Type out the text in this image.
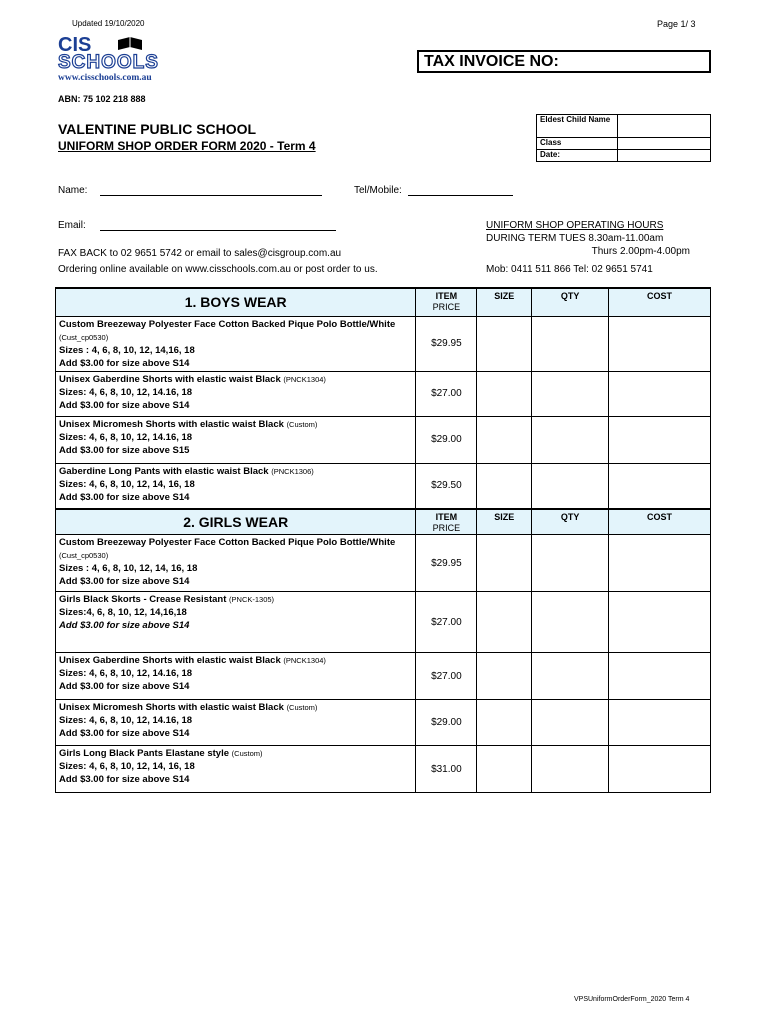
Updated 19/10/2020	Page 1/ 3
CIS
SCHOOLS
www.cisschools.com.au
TAX INVOICE NO:
ABN: 75 102 218 888
VALENTINE PUBLIC SCHOOL
UNIFORM SHOP ORDER FORM 2020 - Term 4
Eldest Child Name	
Class	
Date:	
Name:	Tel/Mobile:
Email:	UNIFORM SHOP OPERATING HOURS
DURING TERM TUES 8.30am-11.00am
Thurs 2.00pm-4.00pm
FAX BACK to 02 9651 5742 or email to sales@cisgroup.com.au
Ordering online available on www.cisschools.com.au or post order to us.	Mob: 0411 511 866 Tel: 02 9651 5741
1. BOYS WEAR	ITEM
PRICE	SIZE	QTY	COST
Custom Breezeway Polyester Face Cotton Backed Pique Polo Bottle/White (Cust_cp0530)
Sizes : 4, 6, 8, 10, 12, 14,16, 18
Add $3.00 for size above S14	$29.95			
Unisex Gaberdine Shorts with elastic waist Black (PNCK1304)
Sizes: 4, 6, 8, 10, 12, 14.16, 18
Add $3.00 for size above S14	$27.00			
Unisex Micromesh Shorts with elastic waist Black (Custom)
Sizes: 4, 6, 8, 10, 12, 14.16, 18
Add $3.00 for size above S15	$29.00			
Gaberdine Long Pants with elastic waist Black (PNCK1306)
Sizes: 4, 6, 8, 10, 12, 14, 16, 18
Add $3.00 for size above S14	$29.50			
2. GIRLS WEAR	ITEM
PRICE	SIZE	QTY	COST
Custom Breezeway Polyester Face Cotton Backed Pique Polo Bottle/White (Cust_cp0530)
Sizes : 4, 6, 8, 10, 12, 14, 16, 18
Add $3.00 for size above S14	$29.95			
Girls Black Skorts - Crease Resistant (PNCK-1305)
Sizes:4, 6, 8, 10, 12, 14,16,18
Add $3.00 for size above S14	$27.00			
Unisex Gaberdine Shorts with elastic waist Black (PNCK1304)
Sizes: 4, 6, 8, 10, 12, 14.16, 18
Add $3.00 for size above S14	$27.00			
Unisex Micromesh Shorts with elastic waist Black (Custom)
Sizes: 4, 6, 8, 10, 12, 14.16, 18
Add $3.00 for size above S14	$29.00			
Girls Long Black Pants Elastane style (Custom)
Sizes: 4, 6, 8, 10, 12, 14, 16, 18
Add $3.00 for size above S14	$31.00			
VPSUniformOrderForm_2020 Term 4
